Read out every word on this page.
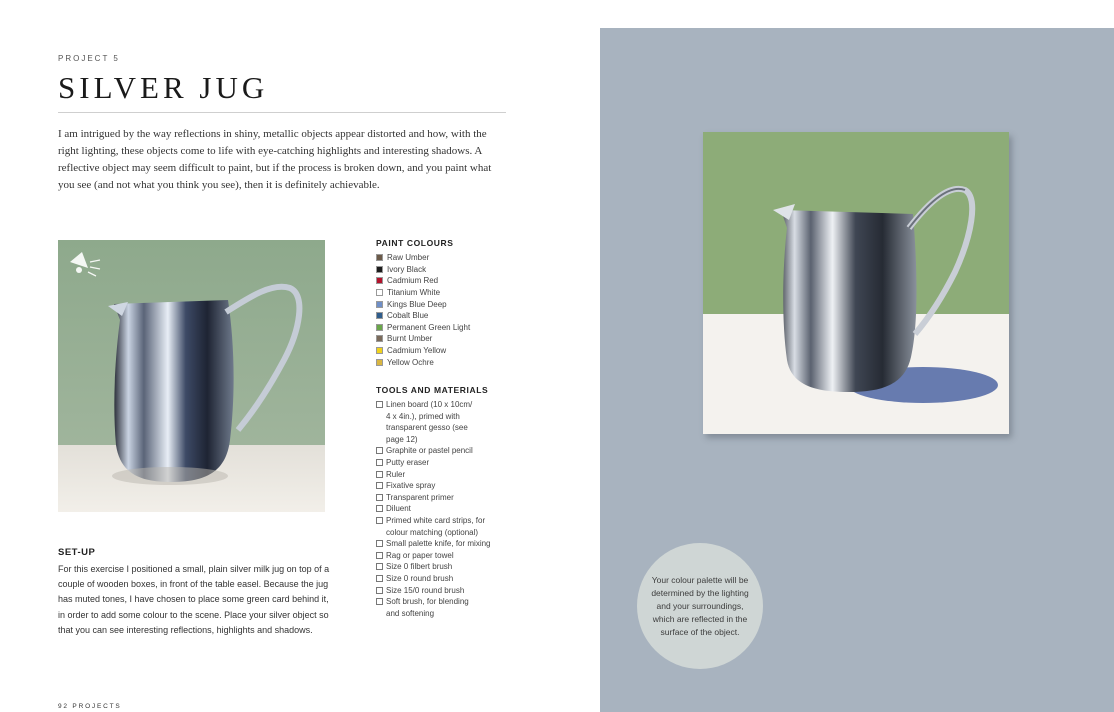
PROJECT 5
SILVER JUG

I am intrigued by the way reflections in shiny, metallic objects appear distorted and how, with the right lighting, these objects come to life with eye-catching highlights and interesting shadows. A reflective object may seem difficult to paint, but if the process is broken down, and you paint what you see (and not what you think you see), then it is definitely achievable.

PAINT COLOURS
Raw Umber
Ivory Black
Cadmium Red
Titanium White
Kings Blue Deep
Cobalt Blue
Permanent Green Light
Burnt Umber
Cadmium Yellow
Yellow Ochre
TOOLS AND MATERIALS
Linen board (10 x 10cm/
4 x 4in.), primed with
transparent gesso (see
page 12)
Graphite or pastel pencil
Putty eraser
Ruler
Fixative spray
Transparent primer
Diluent
Primed white card strips, for
colour matching (optional)
Small palette knife, for mixing
Rag or paper towel
Size 0 filbert brush
Size 0 round brush
Size 15/0 round brush
Soft brush, for blending
and softening
SET-UP

For this exercise I positioned a small, plain silver milk jug on top of a couple of wooden boxes, in front of the table easel. Because the jug has muted tones, I have chosen to place some green card behind it, in order to add some colour to the scene. Place your silver object so that you can see interesting reflections, highlights and shadows.

92 PROJECTS

Your colour palette will be determined by the lighting and your surroundings, which are reflected in the surface of the object.
